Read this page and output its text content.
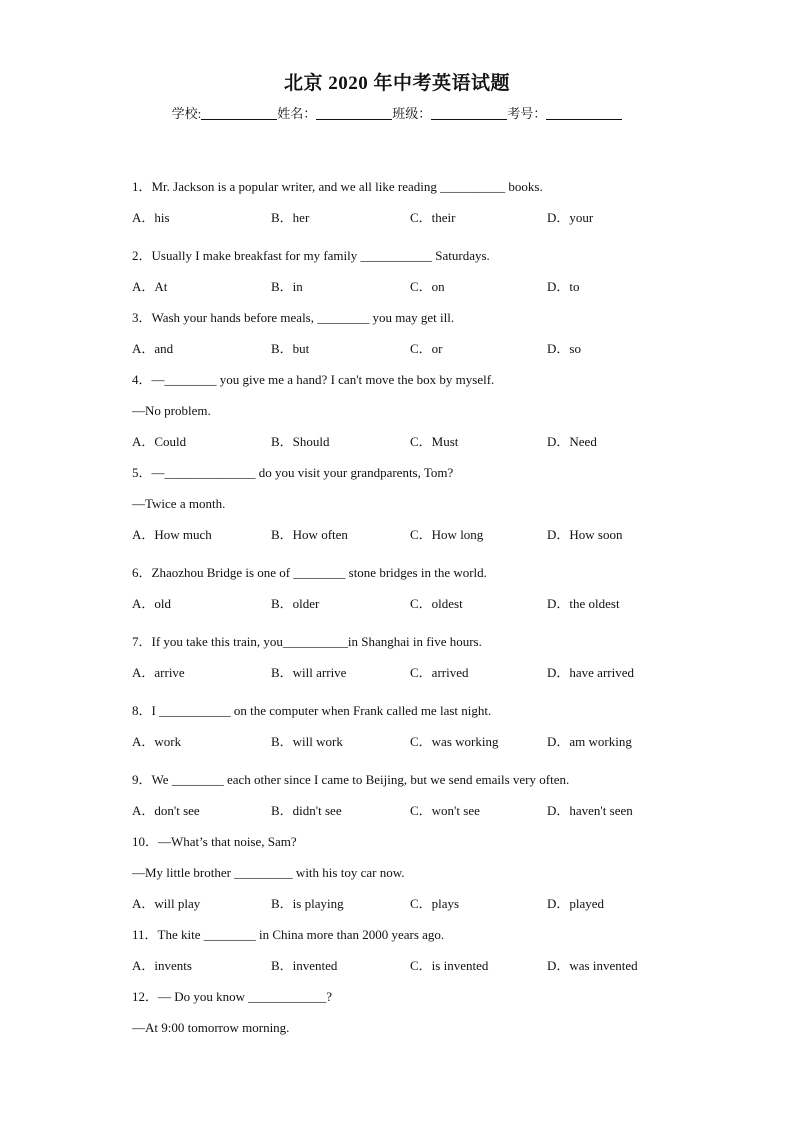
北京 2020 年中考英语试题
学校:	姓名：	班级：	考号：
1．Mr. Jackson is a popular writer, and we all like reading __________ books.
A．his	B．her	C．their	D．your
2．Usually I make breakfast for my family ___________ Saturdays.
A．At	B．in	C．on	D．to
3．Wash your hands before meals, ________ you may get ill.
A．and	B．but	C．or	D．so
4．—________ you give me a hand? I can't move the box by myself.
—No problem.
A．Could	B．Should	C．Must	D．Need
5．—______________ do you visit your grandparents, Tom?
—Twice a month.
A．How much	B．How often	C．How long	D．How soon
6．Zhaozhou Bridge is one of ________ stone bridges in the world.
A．old	B．older	C．oldest	D．the oldest
7．If you take this train, you__________in Shanghai in five hours.
A．arrive	B．will arrive	C．arrived	D．have arrived
8．I ___________ on the computer when Frank called me last night.
A．work	B．will work	C．was working	D．am working
9．We ________ each other since I came to Beijing, but we send emails very often.
A．don't see	B．didn't see	C．won't see	D．haven't seen
10．—What’s that noise, Sam?
—My little brother _________ with his toy car now.
A．will play	B．is playing	C．plays	D．played
11．The kite ________ in China more than 2000 years ago.
A．invents	B．invented	C．is invented	D．was invented
12．— Do you know ____________?
—At 9:00 tomorrow morning.
